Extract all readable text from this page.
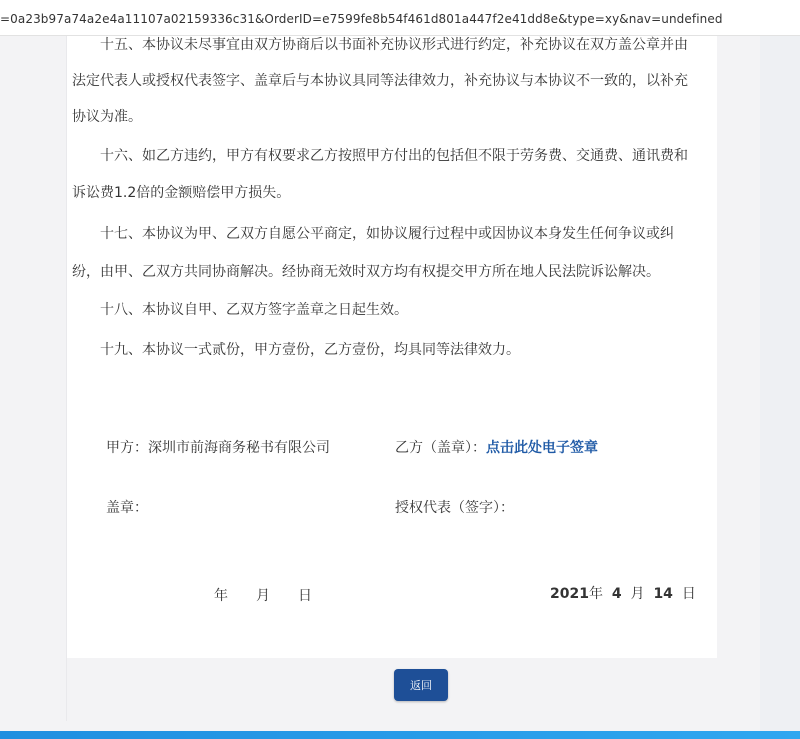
=0a23b97a74a2e4a11107a02159336c31&OrderID=e7599fe8b54f461d801a447f2e41dd8e&type=xy&nav=undefined
十五、本协议未尽事宜由双方协商后以书面补充协议形式进行约定，补充协议在双方盖公章并由
法定代表人或授权代表签字、盖章后与本协议具同等法律效力，补充协议与本协议不一致的，以补充
协议为准。
十六、如乙方违约，甲方有权要求乙方按照甲方付出的包括但不限于劳务费、交通费、通讯费和
诉讼费1.2倍的金额赔偿甲方损失。
十七、本协议为甲、乙双方自愿公平商定，如协议履行过程中或因协议本身发生任何争议或纠
纷，由甲、乙双方共同协商解决。经协商无效时双方均有权提交甲方所在地人民法院诉讼解决。
十八、本协议自甲、乙双方签字盖章之日起生效。
十九、本协议一式贰份，甲方壹份，乙方壹份，均具同等法律效力。
甲方：深圳市前海商务秘书有限公司	乙方（盖章）：点击此处电子签章
盖章：	授权代表（签字）：
年　　月　　日	2021年 4 月 14 日
返回
